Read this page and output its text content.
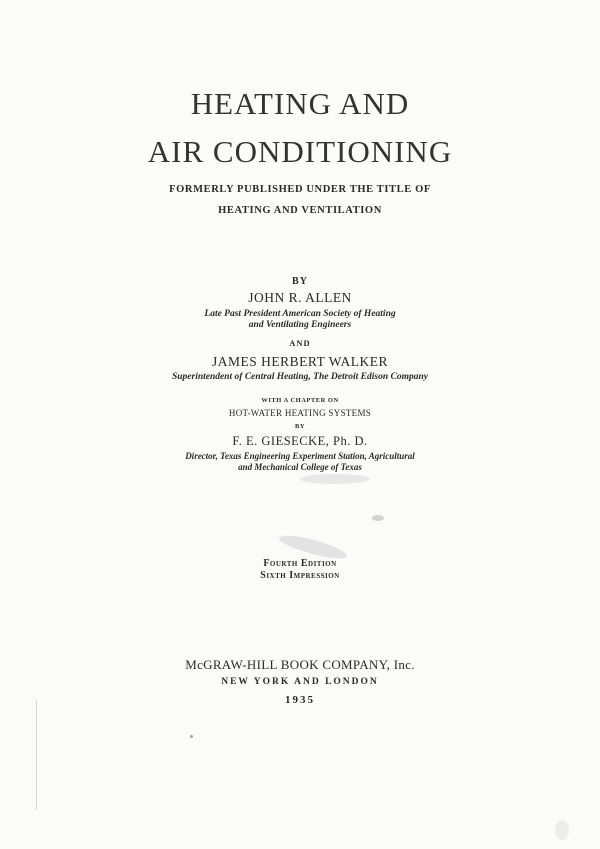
HEATING AND
AIR CONDITIONING
FORMERLY PUBLISHED UNDER THE TITLE OF
HEATING AND VENTILATION
BY
JOHN R. ALLEN
Late Past President American Society of Heating
and Ventilating Engineers
AND
JAMES HERBERT WALKER
Superintendent of Central Heating, The Detroit Edison Company
WITH A CHAPTER ON
HOT-WATER HEATING SYSTEMS
BY
F. E. GIESECKE, Ph. D.
Director, Texas Engineering Experiment Station, Agricultural
and Mechanical College of Texas
Fourth Edition
Sixth Impression
McGRAW-HILL BOOK COMPANY, Inc.
NEW YORK AND LONDON
1935
